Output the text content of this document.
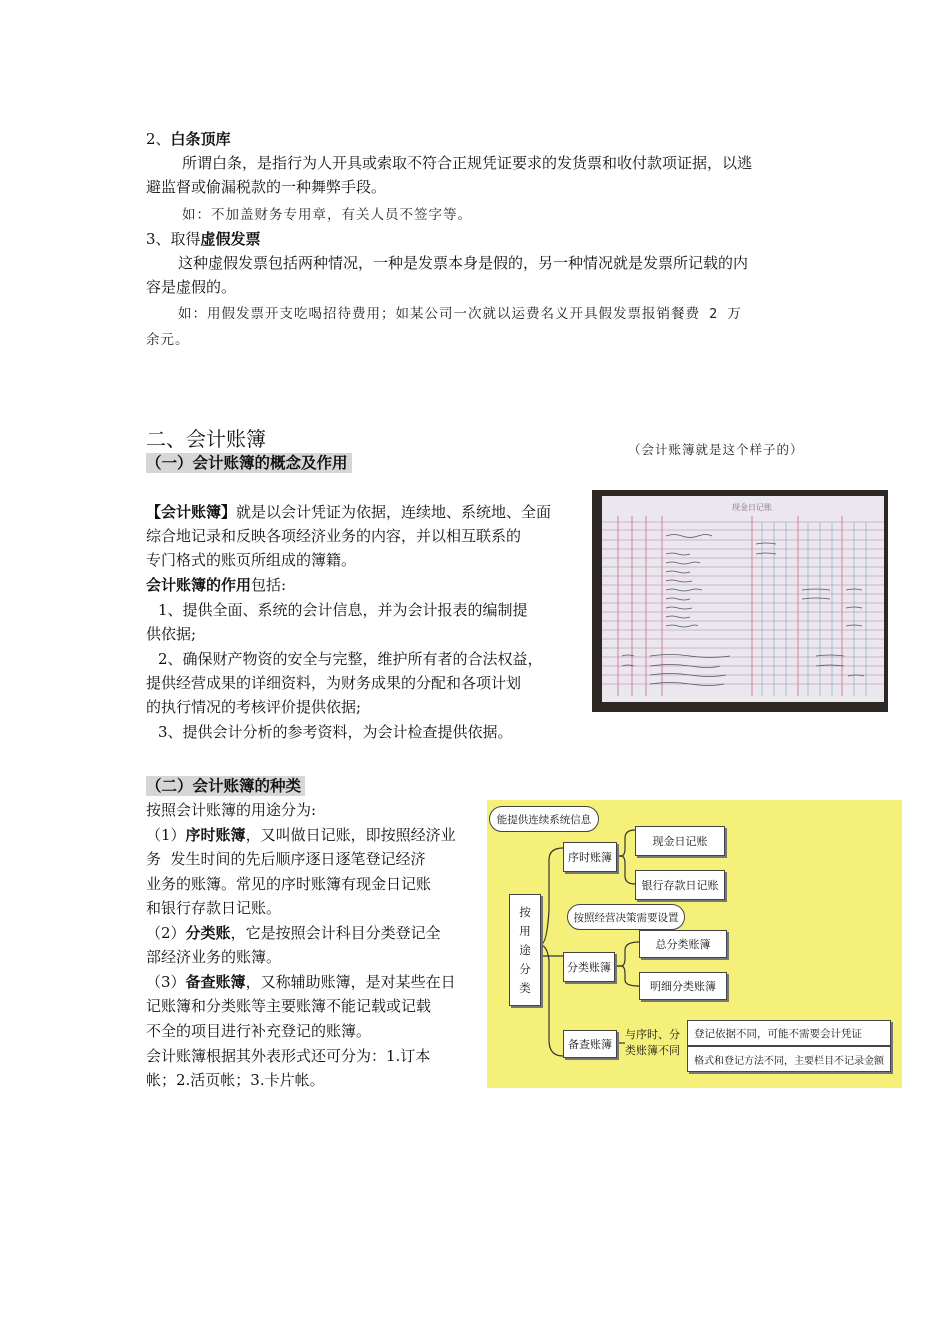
2、白条顶库
所谓白条，是指行为人开具或索取不符合正规凭证要求的发货票和收付款项证据，以逃
避监督或偷漏税款的一种舞弊手段。
如：不加盖财务专用章，有关人员不签字等。
3、取得虚假发票
这种虚假发票包括两种情况，一种是发票本身是假的，另一种情况就是发票所记载的内
容是虚假的。
如：用假发票开支吃喝招待费用；如某公司一次就以运费名义开具假发票报销餐费 2 万
余元。
二、会计账簿	（会计账簿就是这个样子的）
（一）会计账簿的概念及作用
【会计账簿】就是以会计凭证为依据，连续地、系统地、全面
综合地记录和反映各项经济业务的内容，并以相互联系的
专门格式的账页所组成的簿籍。
会计账簿的作用包括:
1、提供全面、系统的会计信息，并为会计报表的编制提
供依据;
2、确保财产物资的安全与完整，维护所有者的合法权益，
提供经营成果的详细资料，为财务成果的分配和各项计划
的执行情况的考核评价提供依据;
3、提供会计分析的参考资料，为会计检查提供依据。
现金日记账
（二）会计账簿的种类
按照会计账簿的用途分为:
（1）序时账簿，又叫做日记账，即按照经济业
务  发生时间的先后顺序逐日逐笔登记经济
业务的账簿。常见的序时账簿有现金日记账
和银行存款日记账。
（2）分类账，它是按照会计科目分类登记全
部经济业务的账簿。
（3）备查账簿，又称辅助账簿，是对某些在日
记账簿和分类账等主要账簿不能记载或记载
不全的项目进行补充登记的账簿。
会计账簿根据其外表形式还可分为：1.订本
帐；2.活页帐；3.卡片帐。
能提供连续系统信息
按照经营决策需要设置
按
用
途
分
类
序时账簿
现金日记账
银行存款日记账
分类账簿
总分类账簿
明细分类账簿
备查账簿
与序时、分
类账簿不同
登记依据不同，可能不需要会计凭证
格式和登记方法不同，主要栏目不记录金额
